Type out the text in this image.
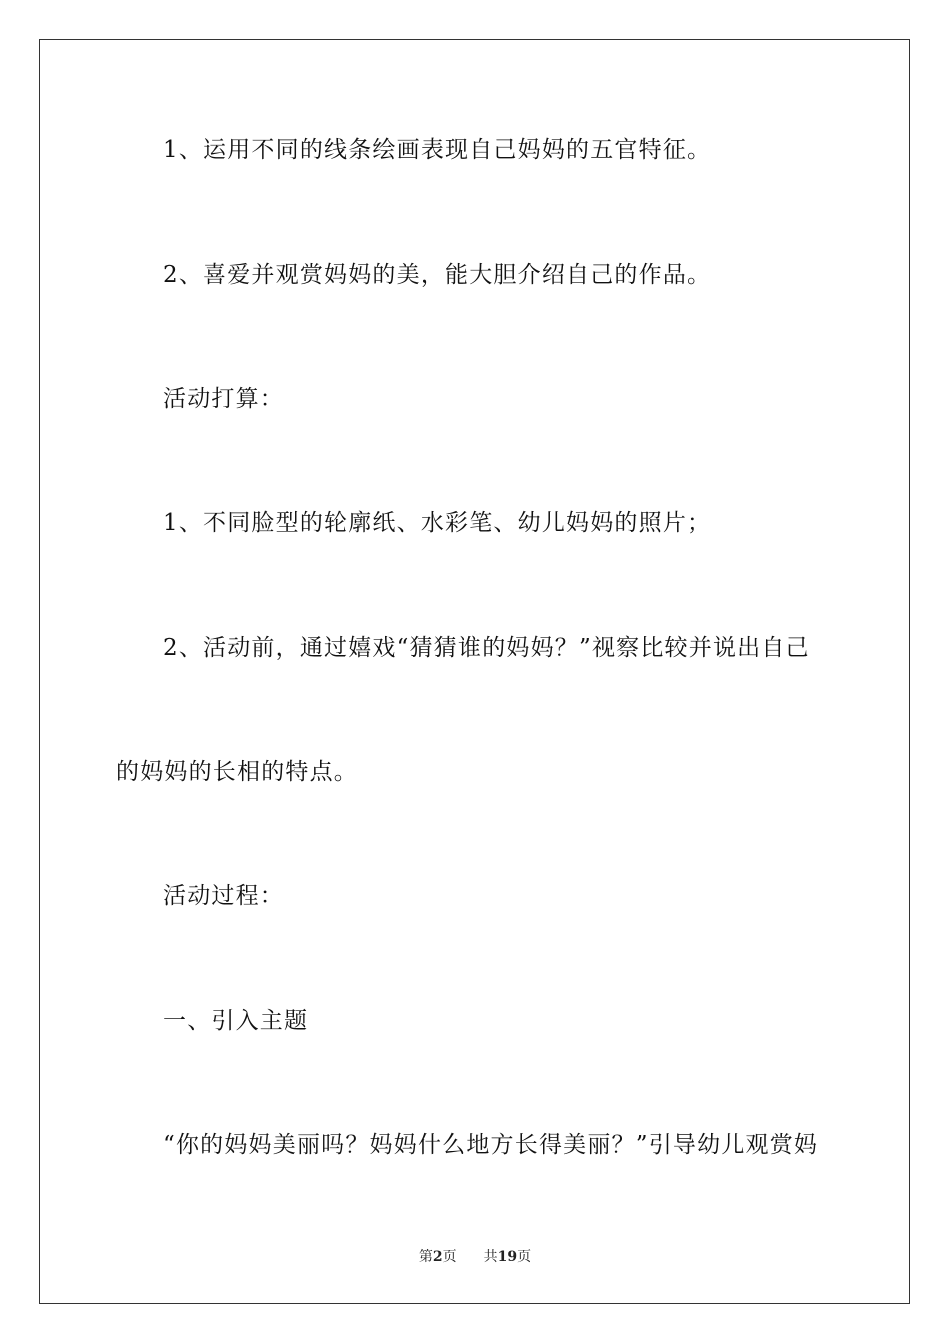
1、运用不同的线条绘画表现自己妈妈的五官特征。
2、喜爱并观赏妈妈的美，能大胆介绍自己的作品。
活动打算：
1、不同脸型的轮廓纸、水彩笔、幼儿妈妈的照片；
2、活动前，通过嬉戏“猜猜谁的妈妈？”视察比较并说出自己
的妈妈的长相的特点。
活动过程：
一、引入主题
“你的妈妈美丽吗？妈妈什么地方长得美丽？”引导幼儿观赏妈
第2页 共19页
